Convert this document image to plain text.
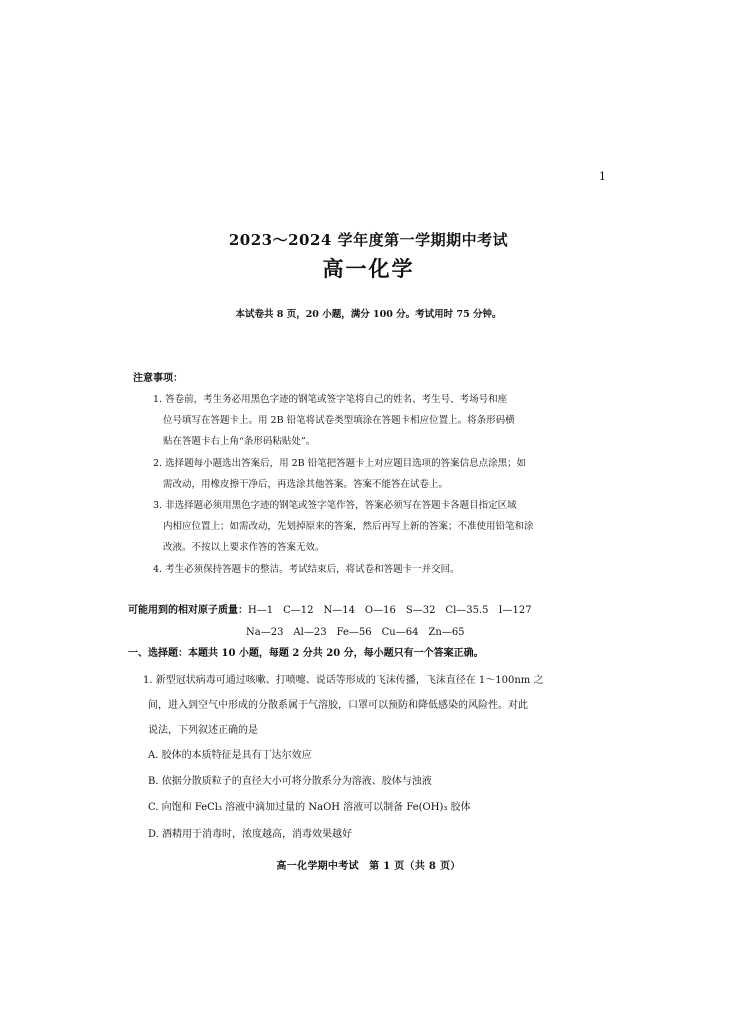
1
2023～2024 学年度第一学期期中考试
高一化学
本试卷共 8 页，20 小题，满分 100 分。考试用时 75 分钟。
注意事项：
1. 答卷前，考生务必用黑色字迹的钢笔或签字笔将自己的姓名、考生号、考场号和座
位号填写在答题卡上。用 2B 铅笔将试卷类型填涂在答题卡相应位置上。将条形码横
贴在答题卡右上角“条形码粘贴处”。
2. 选择题每小题选出答案后，用 2B 铅笔把答题卡上对应题目选项的答案信息点涂黑；如
需改动，用橡皮擦干净后，再选涂其他答案。答案不能答在试卷上。
3. 非选择题必须用黑色字迹的钢笔或签字笔作答，答案必须写在答题卡各题目指定区域
内相应位置上；如需改动，先划掉原来的答案，然后再写上新的答案；不准使用铅笔和涂
改液。不按以上要求作答的答案无效。
4. 考生必须保持答题卡的整洁。考试结束后，将试卷和答题卡一并交回。
可能用到的相对原子质量：H—1　C—12　N—14　O—16　S—32　Cl—35.5　I—127
Na—23　Al—23　Fe—56　Cu—64　Zn—65
一、选择题：本题共 10 小题，每题 2 分共 20 分，每小题只有一个答案正确。
1. 新型冠状病毒可通过咳嗽、打喷嚏、说话等形成的飞沫传播，飞沫直径在 1～100nm 之
间，进入到空气中形成的分散系属于气溶胶，口罩可以预防和降低感染的风险性。对此
说法，下列叙述正确的是
A. 胶体的本质特征是具有丁达尔效应
B. 依据分散质粒子的直径大小可将分散系分为溶液、胶体与浊液
C. 向饱和 FeCl₃ 溶液中滴加过量的 NaOH 溶液可以制备 Fe(OH)₃ 胶体
D. 酒精用于消毒时，浓度越高，消毒效果越好
高一化学期中考试　第 1 页（共 8 页）
